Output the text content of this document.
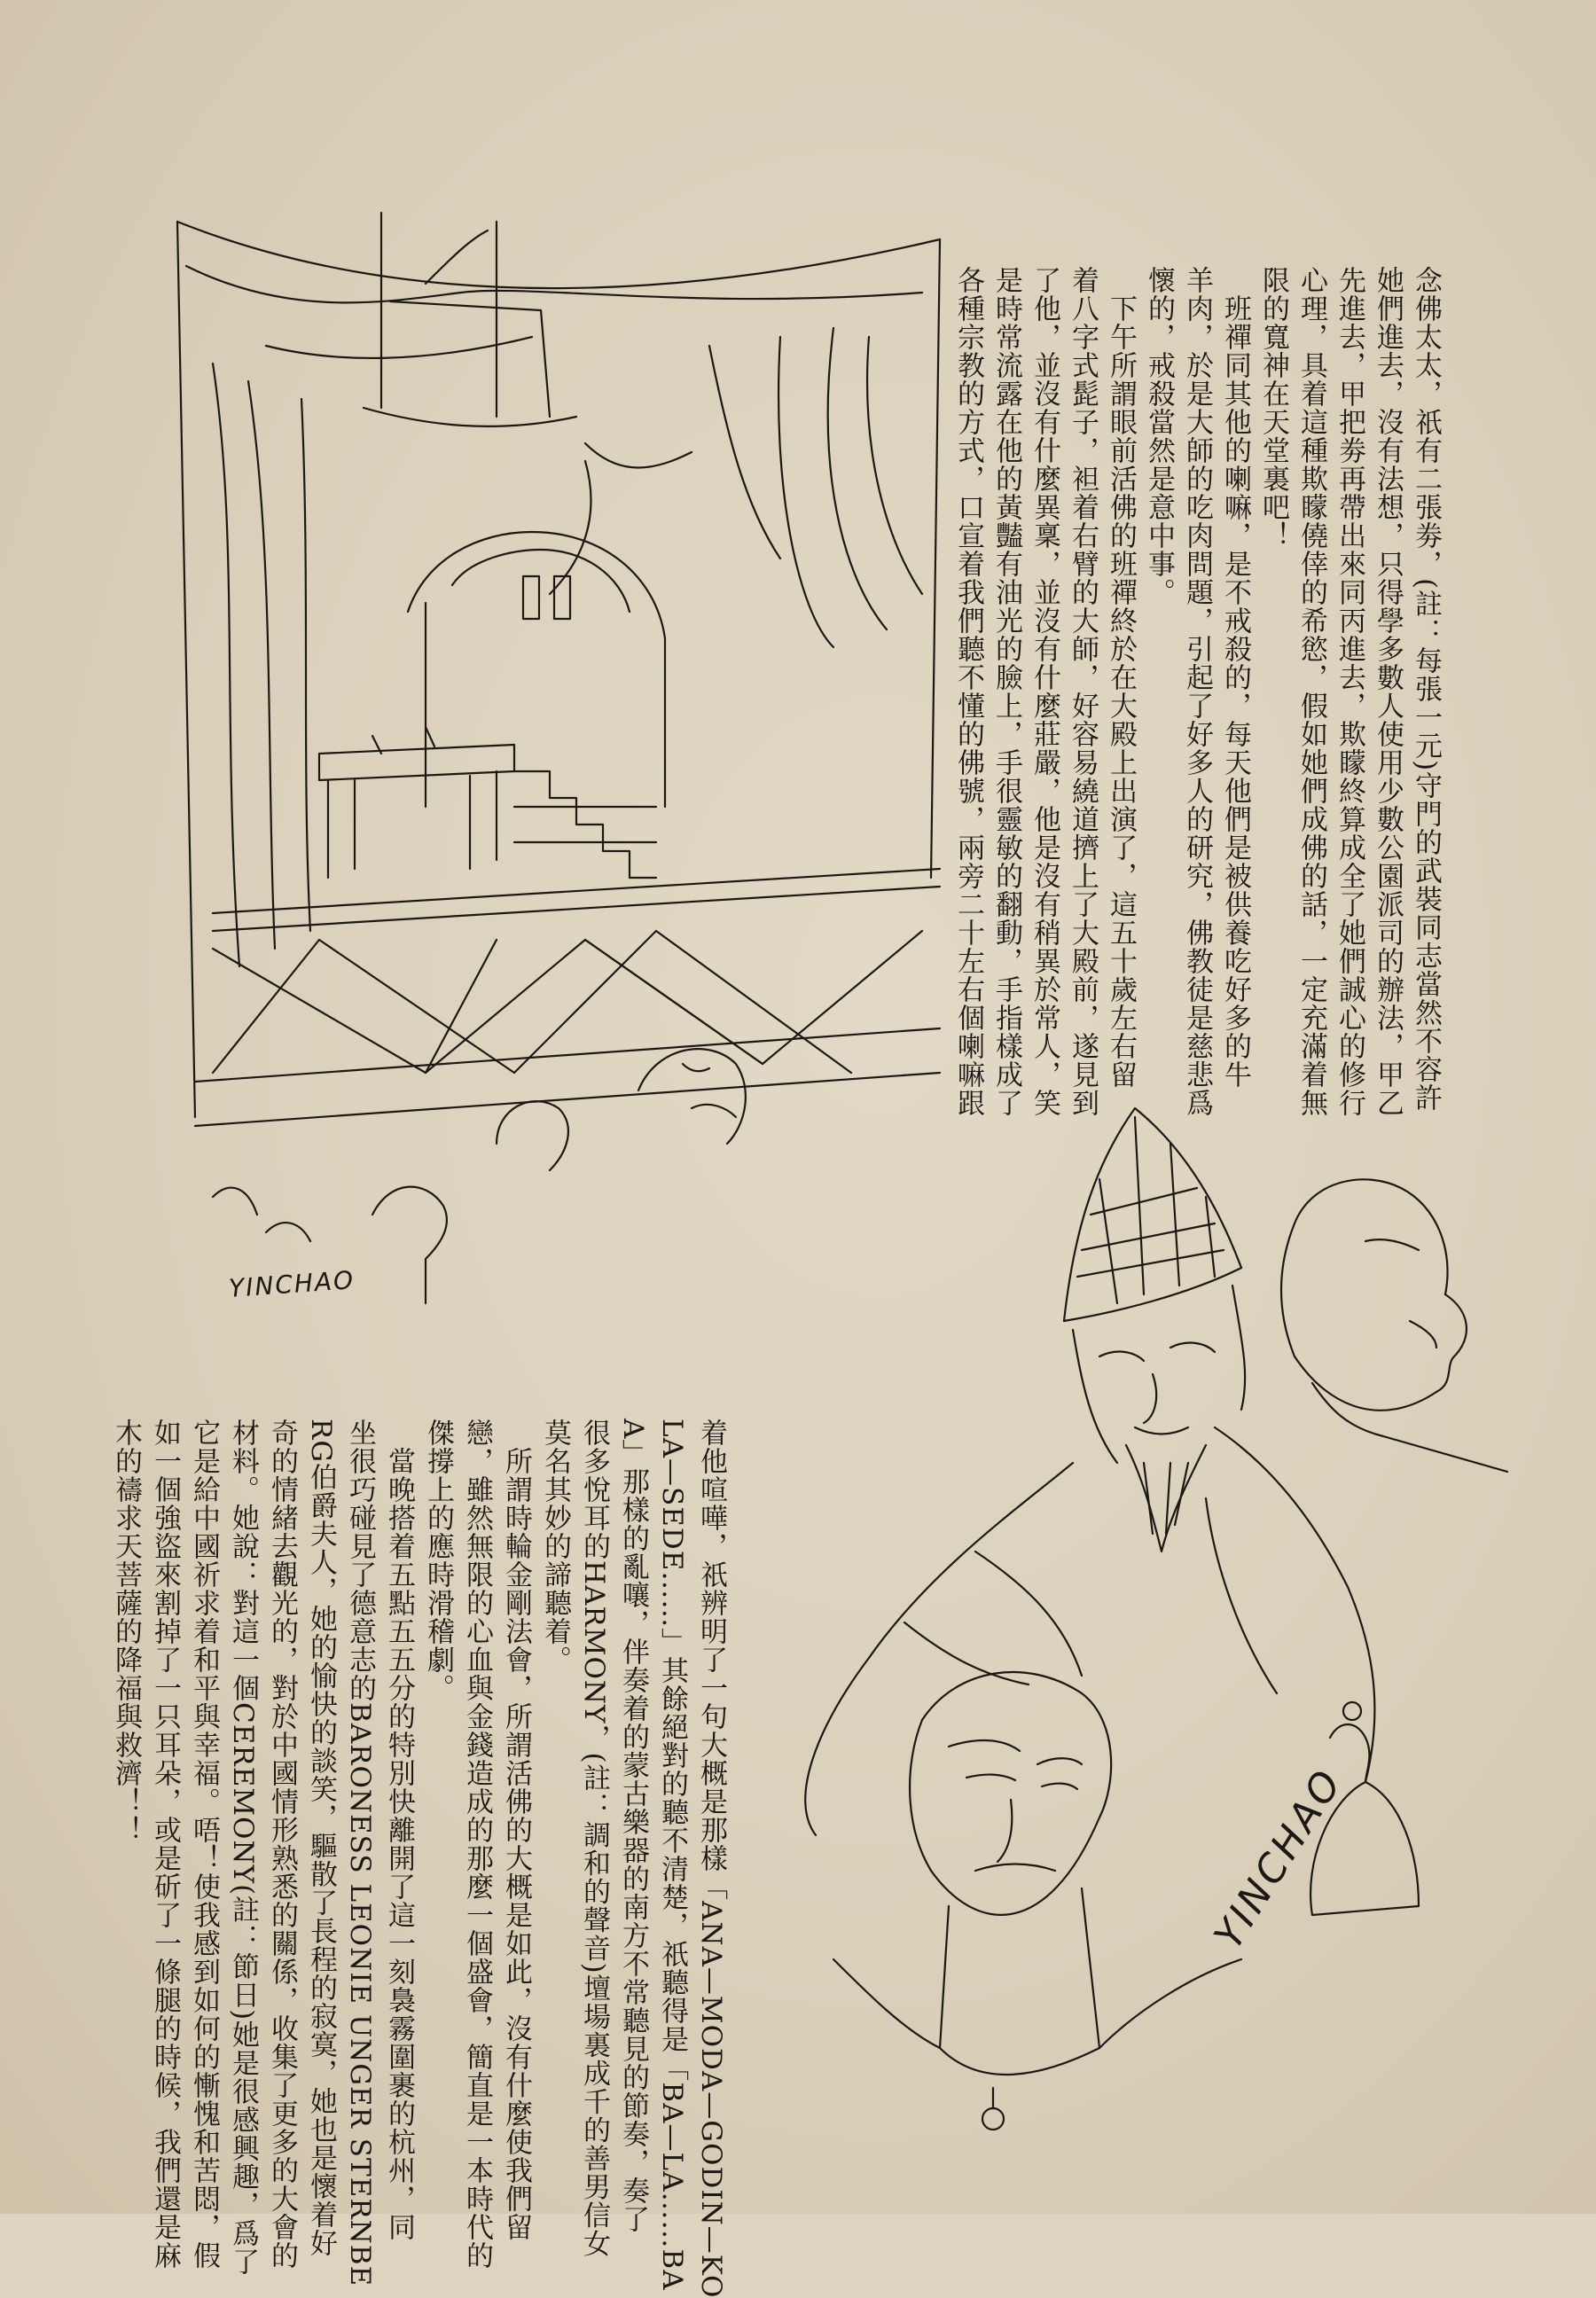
念佛太太，祇有二張劵，(註：每張一元)守門的武裝同志當然不容許
她們進去，沒有法想，只得學多數人使用少數公園派司的辦法，甲乙
先進去，甲把劵再帶出來同丙進去，欺矇終算成全了她們誠心的修行
心理，具着這種欺矇僥倖的希慾，假如她們成佛的話，一定充滿着無
限的寬神在天堂裏吧！
　班禪同其他的喇嘛，是不戒殺的，每天他們是被供養吃好多的牛
羊肉，於是大師的吃肉問題，引起了好多人的研究，佛教徒是慈悲爲
懷的，戒殺當然是意中事。
　下午所謂眼前活佛的班禪終於在大殿上出演了，這五十歲左右留
着八字式髭子，袒着右臂的大師，好容易繞道擠上了大殿前，遂見到
了他，並沒有什麼異稟，並沒有什麼莊嚴，他是沒有稍異於常人，笑
是時常流露在他的黃豔有油光的臉上，手很靈敏的翻動，手指樣成了
各種宗教的方式，口宣着我們聽不懂的佛號，兩旁二十左右個喇嘛跟
着他喧嘩，祇辨明了一句大概是那樣「ANA—MODA—GODIN—KO
LA—SEDE……」其餘絕對的聽不清楚，祇聽得是「BA—LA……BA
A」那樣的亂嚷，伴奏着的蒙古樂器的南方不常聽見的節奏，奏了
很多悅耳的HARMONY，(註：調和的聲音)壇場裏成千的善男信女
莫名其妙的諦聽着。
　所謂時輪金剛法會，所謂活佛的大概是如此，沒有什麼使我們留
戀，雖然無限的心血與金錢造成的那麼一個盛會，簡直是一本時代的
傑撐上的應時滑稽劇。
　當晚搭着五點五五分的特別快離開了這一刻裊霧圍裹的杭州，同
坐很巧碰見了德意志的BARONESS LEONIE UNGER STERNBE
RG伯爵夫人，她的愉快的談笑，驅散了長程的寂寞，她也是懷着好
奇的情緒去觀光的，對於中國情形熟悉的關係，收集了更多的大會的
材料。她說：對這一個CEREMONY(註：節日)她是很感興趣，爲了
它是給中國祈求着和平與幸福。唔！使我感到如何的慚愧和苦悶，假
如一個強盜來割掉了一只耳朵，或是斫了一條腿的時候，我們還是麻
木的禱求天菩薩的降福與救濟！！
YINCHAO
YINCHAO
